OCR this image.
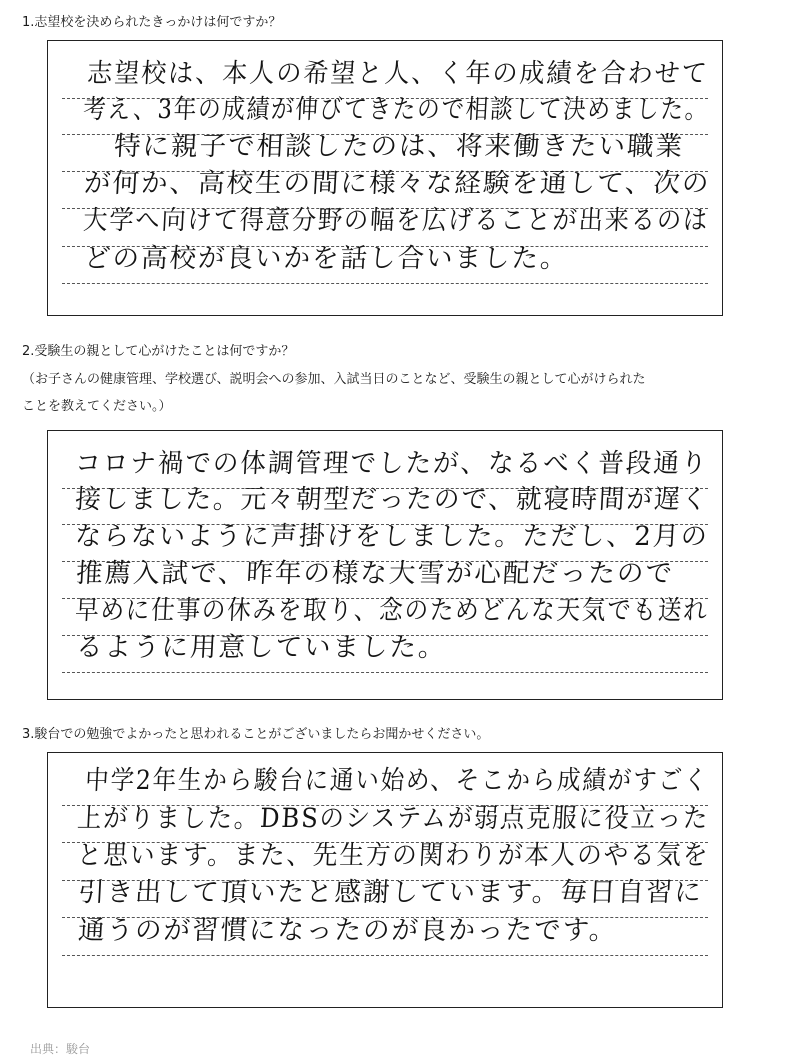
1.志望校を決められたきっかけは何ですか？
志望校は、本人の希望と人、く年の成績を合わせて
考え、3年の成績が伸びてきたので相談して決めました。
特に親子で相談したのは、将来働きたい職業
が何か、高校生の間に様々な経験を通して、次の
大学へ向けて得意分野の幅を広げることが出来るのは
どの高校が良いかを話し合いました。
2.受験生の親として心がけたことは何ですか？
（お子さんの健康管理、学校選び、説明会への参加、入試当日のことなど、受験生の親として心がけられた
ことを教えてください。）
コロナ禍での体調管理でしたが、なるべく普段通り
接しました。元々朝型だったので、就寝時間が遅く
ならないように声掛けをしました。ただし、2月の
推薦入試で、昨年の様な大雪が心配だったので
早めに仕事の休みを取り、念のためどんな天気でも送れ
るように用意していました。
3.駿台での勉強でよかったと思われることがございましたらお聞かせください。
中学2年生から駿台に通い始め、そこから成績がすごく
上がりました。DBSのシステムが弱点克服に役立った
と思います。また、先生方の関わりが本人のやる気を
引き出して頂いたと感謝しています。毎日自習に
通うのが習慣になったのが良かったです。
出典：駿台
